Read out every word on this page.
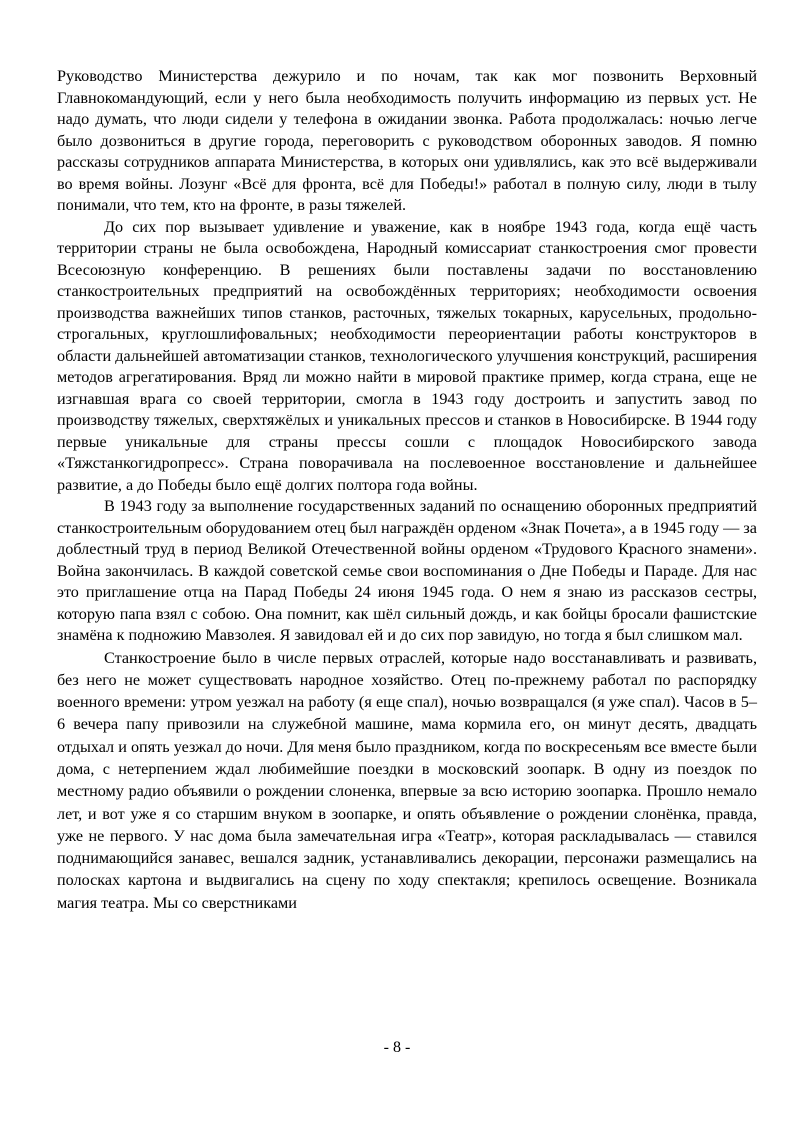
Руководство Министерства дежурило и по ночам, так как мог позвонить Верховный Главнокомандующий, если у него была необходимость получить информацию из первых уст. Не надо думать, что люди сидели у телефона в ожидании звонка. Работа продолжалась: ночью легче было дозвониться в другие города, переговорить с руководством оборонных заводов. Я помню рассказы сотрудников аппарата Министерства, в которых они удивлялись, как это всё выдерживали во время войны. Лозунг «Всё для фронта, всё для Победы!» работал в полную силу, люди в тылу понимали, что тем, кто на фронте, в разы тяжелей.

До сих пор вызывает удивление и уважение, как в ноябре 1943 года, когда ещё часть территории страны не была освобождена, Народный комиссариат станкостроения смог провести Всесоюзную конференцию. В решениях были поставлены задачи по восстановлению станкостроительных предприятий на освобождённых территориях; необходимости освоения производства важнейших типов станков, расточных, тяжелых токарных, карусельных, продольно-строгальных, круглошлифовальных; необходимости переориентации работы конструкторов в области дальнейшей автоматизации станков, технологического улучшения конструкций, расширения методов агрегатирования. Вряд ли можно найти в мировой практике пример, когда страна, еще не изгнавшая врага со своей территории, смогла в 1943 году достроить и запустить завод по производству тяжелых, сверхтяжёлых и уникальных прессов и станков в Новосибирске. В 1944 году первые уникальные для страны прессы сошли с площадок Новосибирского завода «Тяжстанкогидропресс». Страна поворачивала на послевоенное восстановление и дальнейшее развитие, а до Победы было ещё долгих полтора года войны.

В 1943 году за выполнение государственных заданий по оснащению оборонных предприятий станкостроительным оборудованием отец был награждён орденом «Знак Почета», а в 1945 году — за доблестный труд в период Великой Отечественной войны орденом «Трудового Красного знамени». Война закончилась. В каждой советской семье свои воспоминания о Дне Победы и Параде. Для нас это приглашение отца на Парад Победы 24 июня 1945 года. О нем я знаю из рассказов сестры, которую папа взял с собою. Она помнит, как шёл сильный дождь, и как бойцы бросали фашистские знамёна к подножию Мавзолея. Я завидовал ей и до сих пор завидую, но тогда я был слишком мал.

Станкостроение было в числе первых отраслей, которые надо восстанавливать и развивать, без него не может существовать народное хозяйство. Отец по-прежнему работал по распорядку военного времени: утром уезжал на работу (я еще спал), ночью возвращался (я уже спал). Часов в 5–6 вечера папу привозили на служебной машине, мама кормила его, он минут десять, двадцать отдыхал и опять уезжал до ночи. Для меня было праздником, когда по воскресеньям все вместе были дома, с нетерпением ждал любимейшие поездки в московский зоопарк. В одну из поездок по местному радио объявили о рождении слоненка, впервые за всю историю зоопарка. Прошло немало лет, и вот уже я со старшим внуком в зоопарке, и опять объявление о рождении слонёнка, правда, уже не первого. У нас дома была замечательная игра «Театр», которая раскладывалась — ставился поднимающийся занавес, вешался задник, устанавливались декорации, персонажи размещались на полосках картона и выдвигались на сцену по ходу спектакля; крепилось освещение. Возникала магия театра. Мы со сверстниками

- 8 -
